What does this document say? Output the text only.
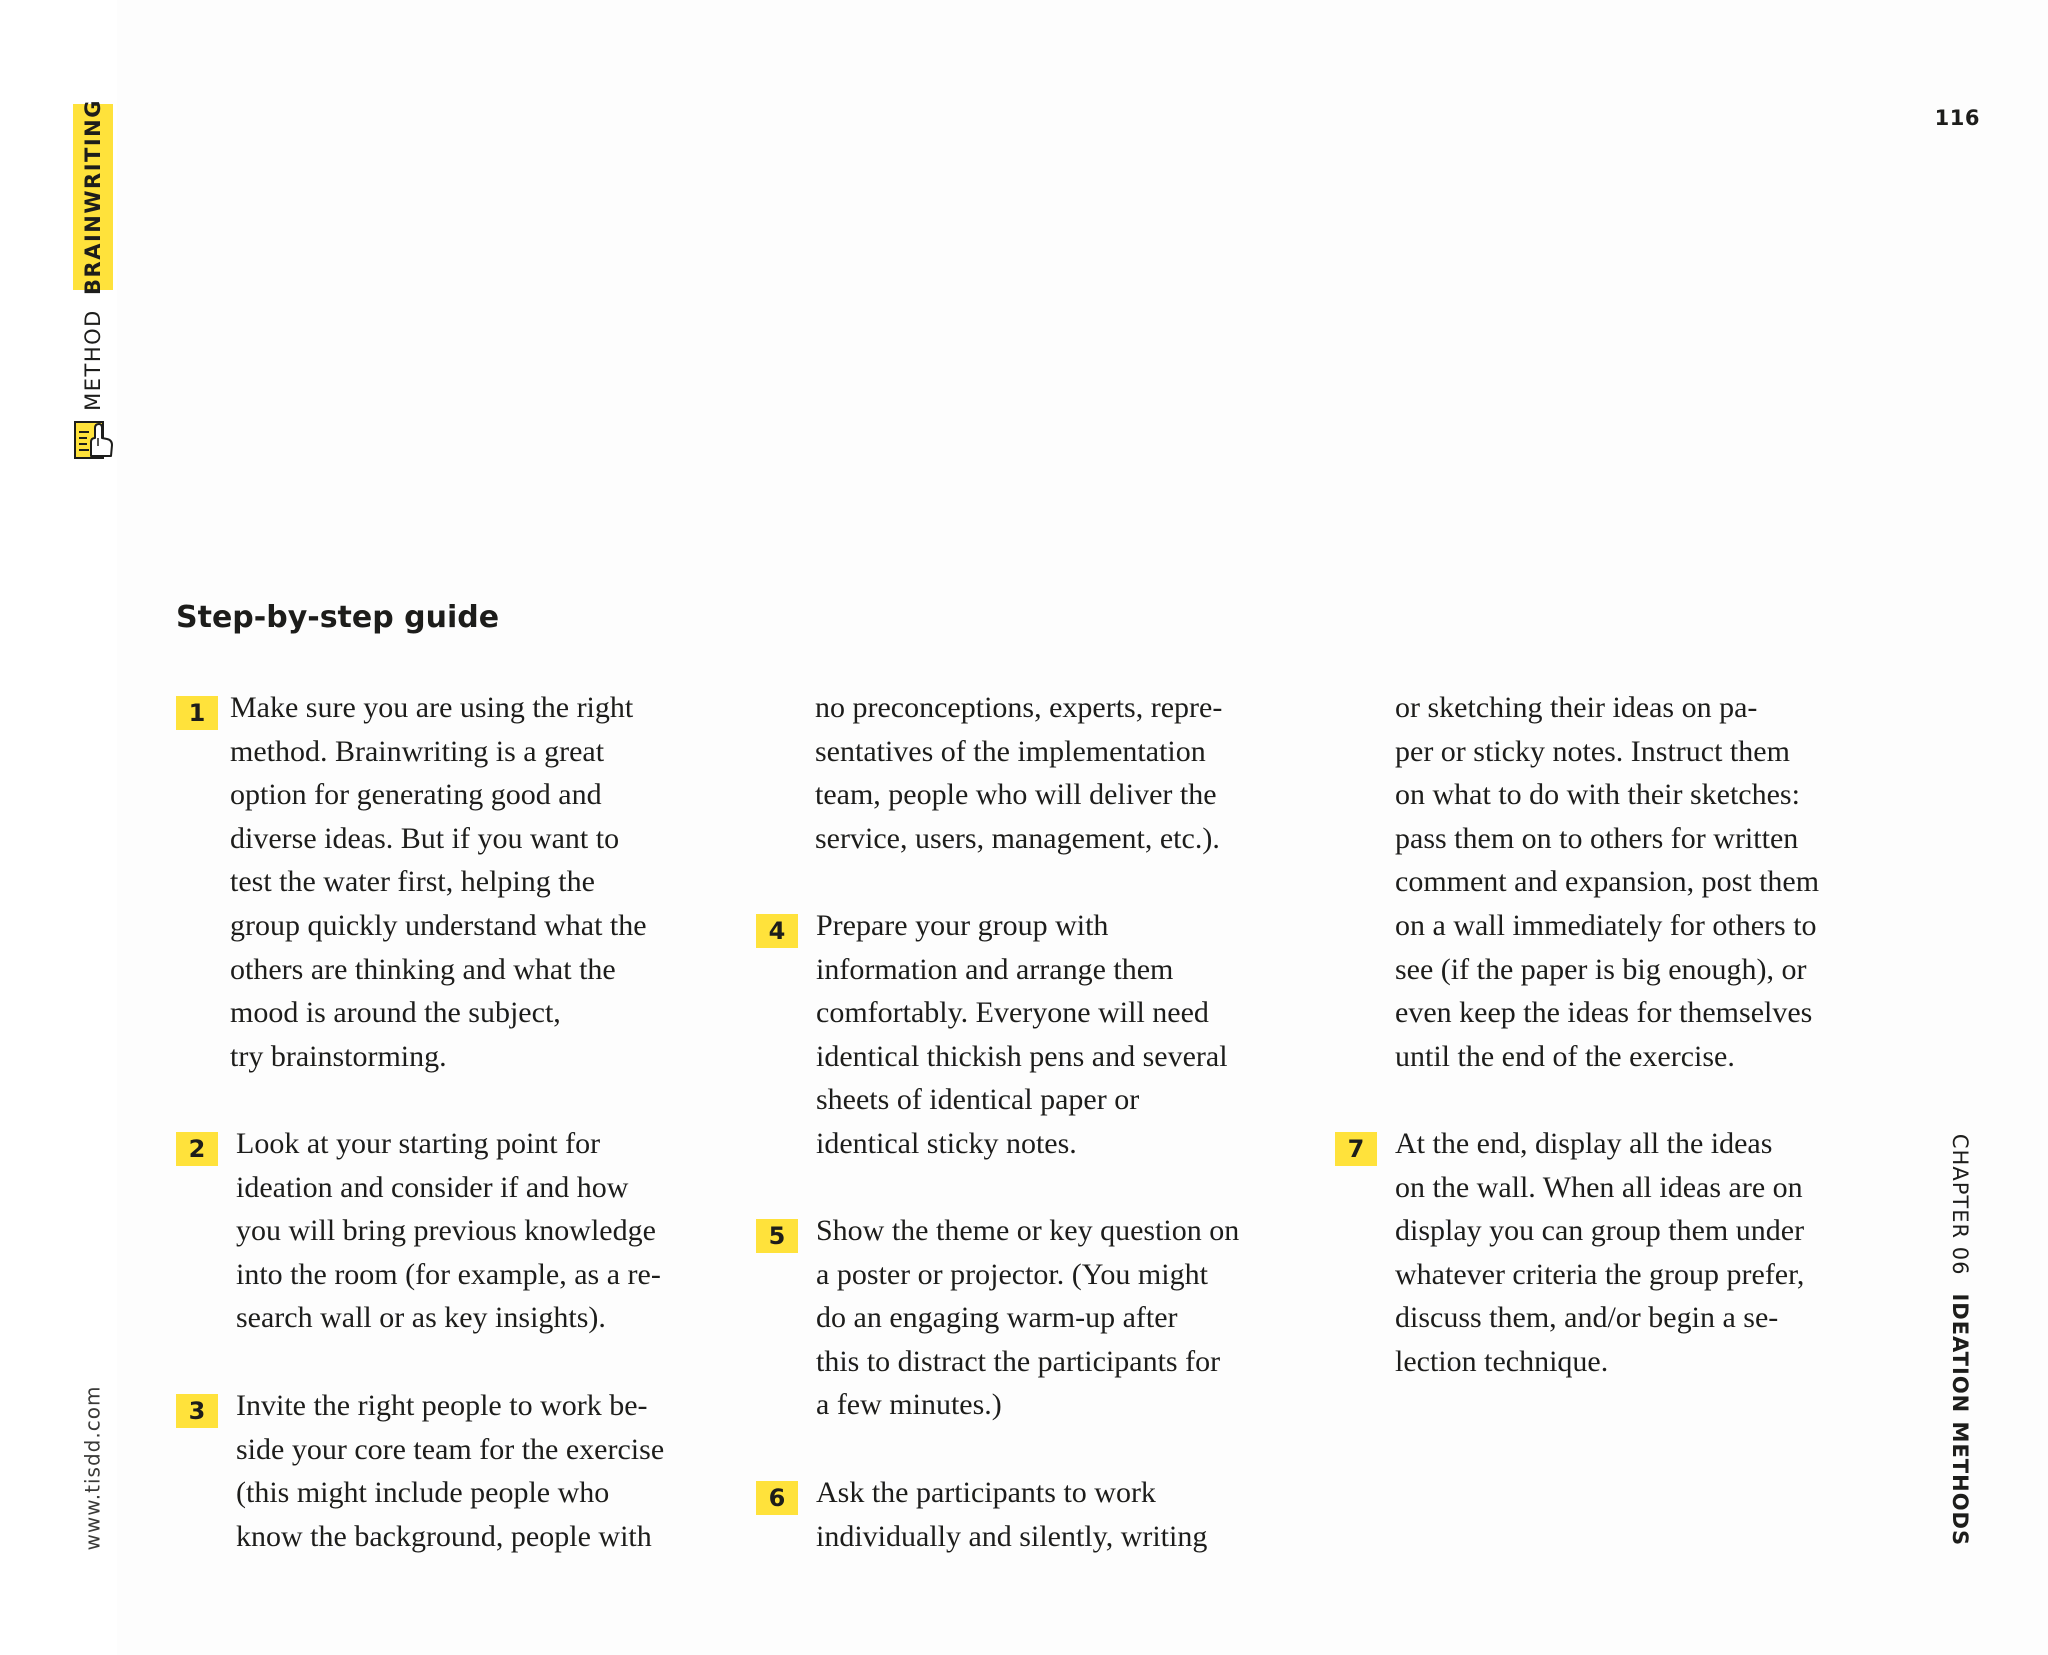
116
BRAINWRITING
METHOD
www.tisdd.com
CHAPTER 06IDEATION METHODS
Step-by-step guide
1 Make sure you are using the right
method. Brainwriting is a great
option for generating good and
diverse ideas. But if you want to
test the water first, helping the
group quickly understand what the
others are thinking and what the
mood is around the subject,
try brainstorming.
2	Look at your starting point for
ideation and consider if and how
you will bring previous knowledge
into the room (for example, as a re-
search wall or as key insights).
3	Invite the right people to work be-
side your core team for the exercise
(this might include people who
know the background, people with
no preconceptions, experts, repre-
sentatives of the implementation
team, people who will deliver the
service, users, management, etc.).
4	Prepare your group with
information and arrange them
comfortably. Everyone will need
identical thickish pens and several
sheets of identical paper or
identical sticky notes.
5	Show the theme or key question on
a poster or projector. (You might
do an engaging warm-up after
this to distract the participants for
a few minutes.)
6	Ask the participants to work
individually and silently, writing
or sketching their ideas on pa-
per or sticky notes. Instruct them
on what to do with their sketches:
pass them on to others for written
comment and expansion, post them
on a wall immediately for others to
see (if the paper is big enough), or
even keep the ideas for themselves
until the end of the exercise.
7	At the end, display all the ideas
on the wall. When all ideas are on
display you can group them under
whatever criteria the group prefer,
discuss them, and/or begin a se-
lection technique.
